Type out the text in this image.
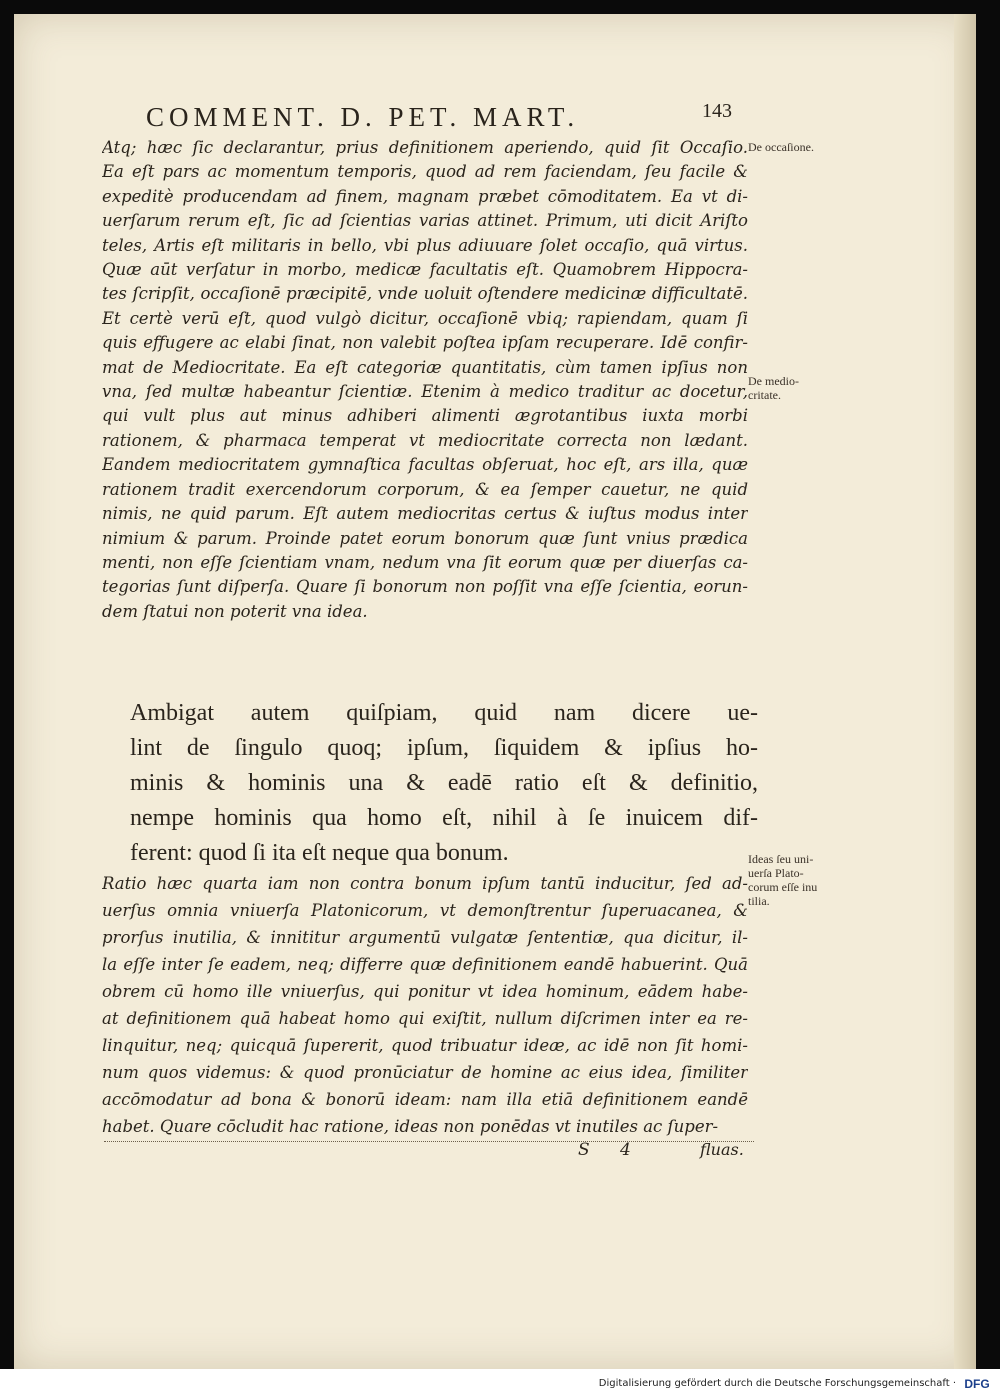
COMMENT. D. PET. MART.	143
Atq; hæc ſic declarantur, prius definitionem aperiendo, quid ſit Occaſio.
Ea eſt pars ac momentum temporis, quod ad rem faciendam, ſeu facile &
expeditè producendam ad finem, magnam præbet cōmoditatem. Ea vt di-
uerſarum rerum eſt, ſic ad ſcientias varias attinet. Primum, uti dicit Ariſto
teles, Artis eſt militaris in bello, vbi plus adiuuare ſolet occaſio, quā virtus.
Quæ aūt verſatur in morbo, medicæ facultatis eſt. Quamobrem Hippocra-
tes ſcripſit, occaſionē præcipitē, vnde uoluit oſtendere medicinæ difficultatē.
Et certè verū eſt, quod vulgò dicitur, occaſionē vbiq; rapiendam, quam ſi
quis effugere ac elabi ſinat, non valebit poſtea ipſam recuperare. Idē confir-
mat de Mediocritate. Ea eſt categoriæ quantitatis, cùm tamen ipſius non
vna, ſed multæ habeantur ſcientiæ. Etenim à medico traditur ac docetur,
qui vult plus aut minus adhiberi alimenti ægrotantibus iuxta morbi
rationem, & pharmaca temperat vt mediocritate correcta non lædant.
Eandem mediocritatem gymnaſtica facultas obſeruat, hoc eſt, ars illa, quæ
rationem tradit exercendorum corporum, & ea ſemper cauetur, ne quid
nimis, ne quid parum. Eſt autem mediocritas certus & iuſtus modus inter
nimium & parum. Proinde patet eorum bonorum quæ ſunt vnius prædica
menti, non eſſe ſcientiam vnam, nedum vna ſit eorum quæ per diuerſas ca-
tegorias ſunt diſperſa. Quare ſi bonorum non poſſit vna eſſe ſcientia, eorun-
dem ſtatui non poterit vna idea.
Ambigat autem quiſpiam, quid nam dicere ue-
lint de ſingulo quoq; ipſum, ſiquidem & ipſius ho-
minis & hominis una & eadē ratio eſt & definitio,
nempe hominis qua homo eſt, nihil à ſe inuicem dif-
ferent: quod ſi ita eſt neque qua bonum.
Ratio hæc quarta iam non contra bonum ipſum tantū inducitur, ſed ad-
uerſus omnia vniuerſa Platonicorum, vt demonſtrentur ſuperuacanea, &
prorſus inutilia, & innititur argumentū vulgatæ ſententiæ, qua dicitur, il-
la eſſe inter ſe eadem, neq; differre quæ definitionem eandē habuerint. Quā
obrem cū homo ille vniuerſus, qui ponitur vt idea hominum, eādem habe-
at definitionem quā habeat homo qui exiſtit, nullum diſcrimen inter ea re-
linquitur, neq; quicquā ſupererit, quod tribuatur ideæ, ac idē non ſit homi-
num quos videmus: & quod pronūciatur de homine ac eius idea, ſimiliter
accōmodatur ad bona & bonorū ideam: nam illa etiā definitionem eandē
habet. Quare cōcludit hac ratione, ideas non ponēdas vt inutiles ac ſuper-
De occaſione.
De medio-
critate.
Ideas ſeu uni-
uerſa Plato-
corum eſſe inu
tilia.
S 4	fluas.
Digitalisierung gefördert durch die Deutsche Forschungsgemeinschaft · DFG
